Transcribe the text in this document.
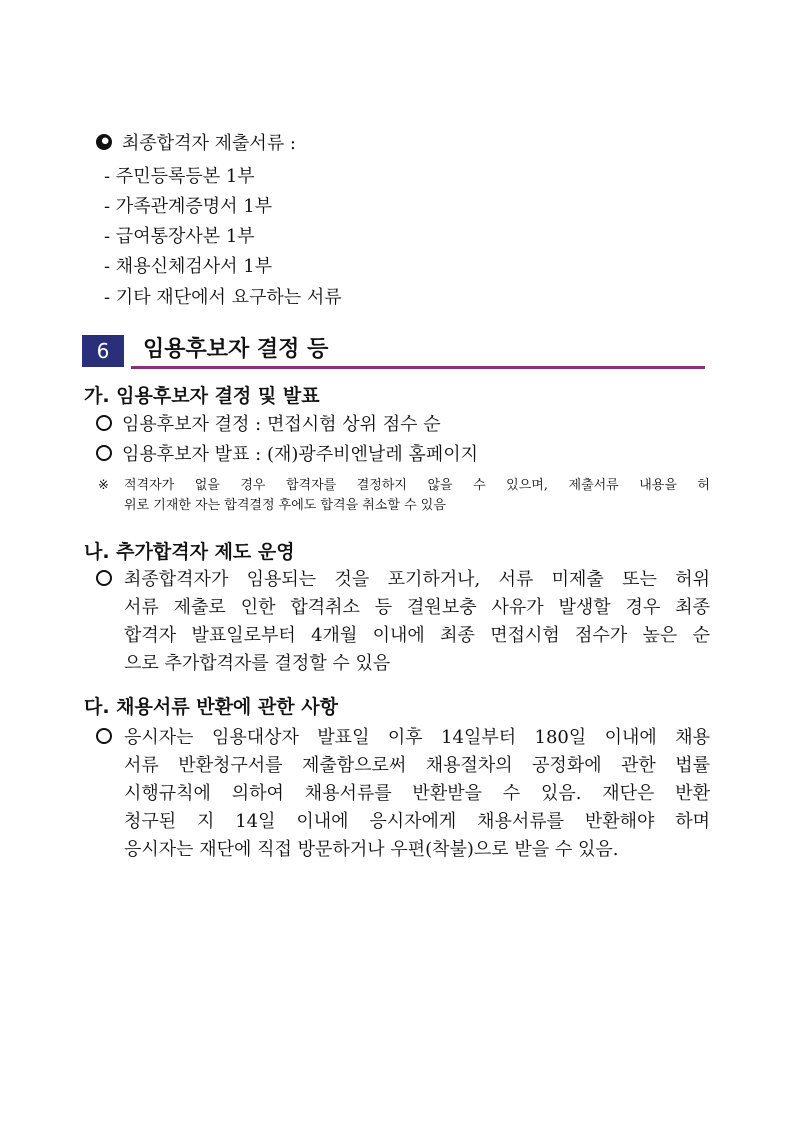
최종합격자 제출서류 :
- 주민등록등본 1부
- 가족관계증명서 1부
- 급여통장사본 1부
- 채용신체검사서 1부
- 기타 재단에서 요구하는 서류
6	임용후보자 결정 등
가. 임용후보자 결정 및 발표
임용후보자 결정 : 면접시험 상위 점수 순
임용후보자 발표 : (재)광주비엔날레 홈페이지
※ 적격자가 없을 경우 합격자를 결정하지 않을 수 있으며, 제출서류 내용을 허
위로 기재한 자는 합격결정 후에도 합격을 취소할 수 있음
나. 추가합격자 제도 운영
최종합격자가 임용되는 것을 포기하거나, 서류 미제출 또는 허위
서류 제출로 인한 합격취소 등 결원보충 사유가 발생할 경우 최종
합격자 발표일로부터 4개월 이내에 최종 면접시험 점수가 높은 순
으로 추가합격자를 결정할 수 있음
다. 채용서류 반환에 관한 사항
응시자는 임용대상자 발표일 이후 14일부터 180일 이내에 채용
서류 반환청구서를 제출함으로써 채용절차의 공정화에 관한 법률
시행규칙에 의하여 채용서류를 반환받을 수 있음. 재단은 반환
청구된 지 14일 이내에 응시자에게 채용서류를 반환해야 하며
응시자는 재단에 직접 방문하거나 우편(착불)으로 받을 수 있음.
